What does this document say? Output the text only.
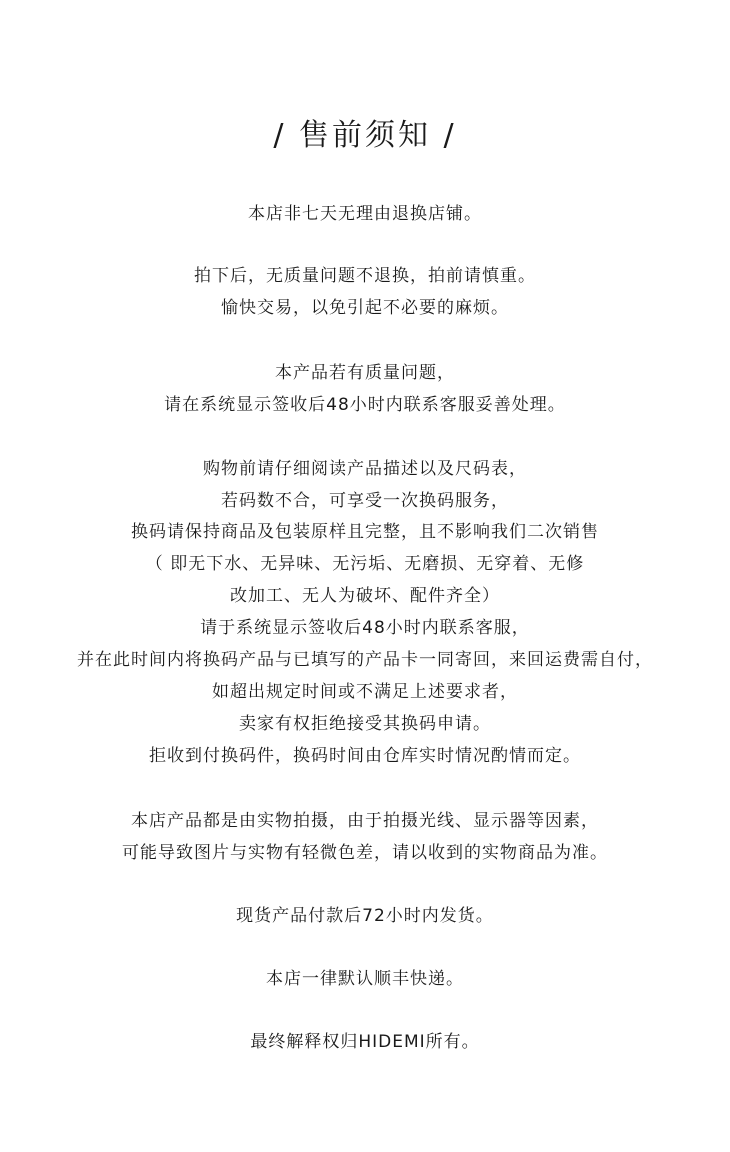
/ 售前须知 /
本店非七天无理由退换店铺。
拍下后，无质量问题不退换，拍前请慎重。
愉快交易，以免引起不必要的麻烦。
本产品若有质量问题，
请在系统显示签收后48小时内联系客服妥善处理。
购物前请仔细阅读产品描述以及尺码表，
若码数不合，可享受一次换码服务，
换码请保持商品及包装原样且完整，且不影响我们二次销售
（ 即无下水、无异味、无污垢、无磨损、无穿着、无修
改加工、无人为破坏、配件齐全）
请于系统显示签收后48小时内联系客服，
并在此时间内将换码产品与已填写的产品卡一同寄回，来回运费需自付，
如超出规定时间或不满足上述要求者，
卖家有权拒绝接受其换码申请。
拒收到付换码件，换码时间由仓库实时情况酌情而定。
本店产品都是由实物拍摄，由于拍摄光线、显示器等因素，
可能导致图片与实物有轻微色差，请以收到的实物商品为准。
现货产品付款后72小时内发货。
本店一律默认顺丰快递。
最终解释权归HIDEMI所有。
